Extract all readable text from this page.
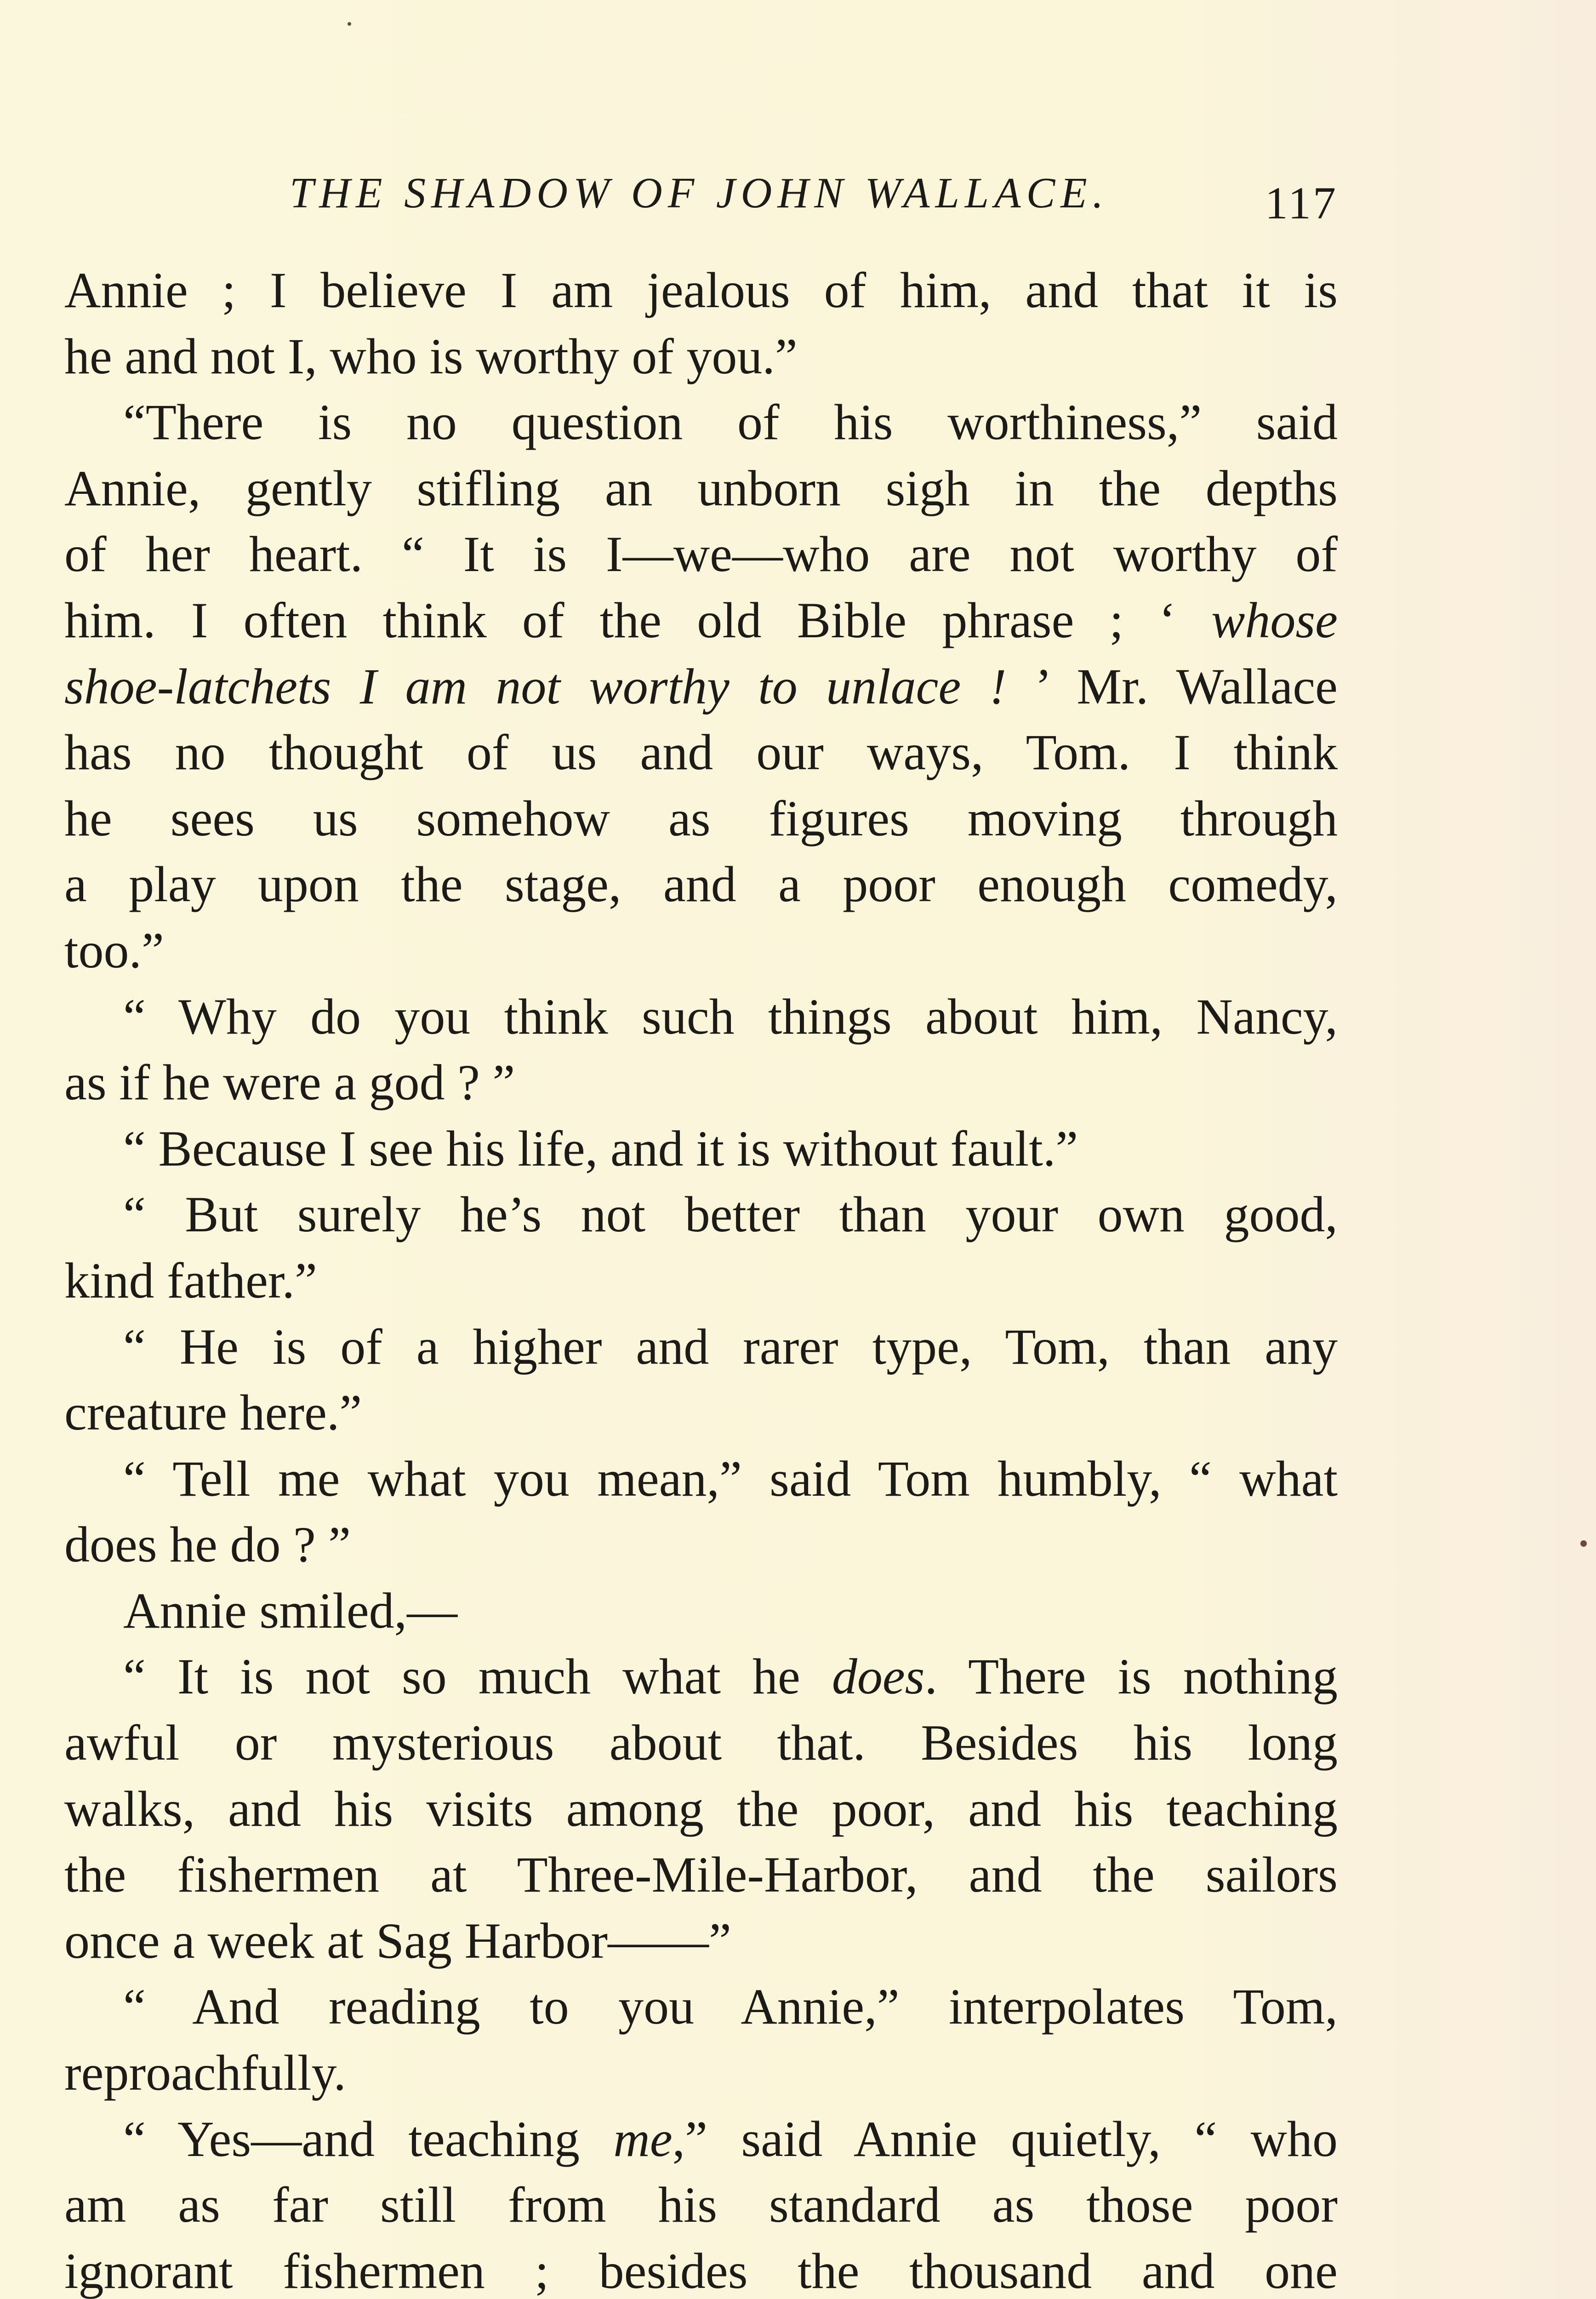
THE SHADOW OF JOHN WALLACE.	117
Annie ; I believe I am jealous of him, and that it is
he and not I, who is worthy of you.”
“There is no question of his worthiness,” said
Annie, gently stifling an unborn sigh in the depths
of her heart. “ It is I—we—who are not worthy of
him. I often think of the old Bible phrase ; ‘ whose
shoe-latchets I am not worthy to unlace ! ’ Mr. Wallace
has no thought of us and our ways, Tom. I think
he sees us somehow as figures moving through
a play upon the stage, and a poor enough comedy,
too.”
“ Why do you think such things about him, Nancy,
as if he were a god ? ”
“ Because I see his life, and it is without fault.”
“ But surely he’s not better than your own good,
kind father.”
“ He is of a higher and rarer type, Tom, than any
creature here.”
“ Tell me what you mean,” said Tom humbly, “ what
does he do ? ”
Annie smiled,—
“ It is not so much what he does. There is nothing
awful or mysterious about that. Besides his long
walks, and his visits among the poor, and his teaching
the fishermen at Three-Mile-Harbor, and the sailors
once a week at Sag Harbor——”
“ And reading to you Annie,” interpolates Tom,
reproachfully.
“ Yes—and teaching me,” said Annie quietly, “ who
am as far still from his standard as those poor
ignorant fishermen ; besides the thousand and one
